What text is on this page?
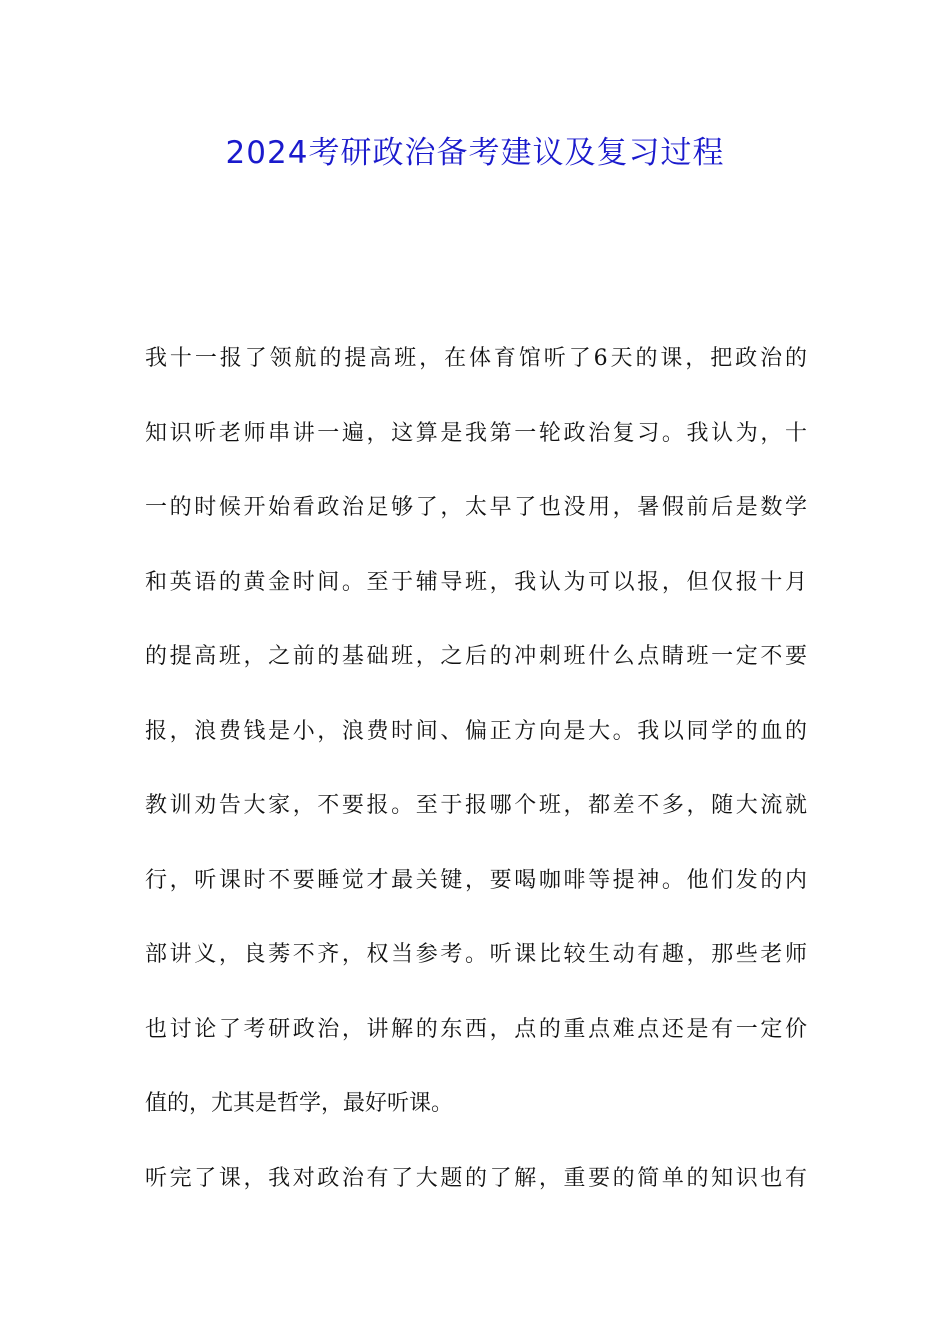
2024考研政治备考建议及复习过程
我十一报了领航的提高班，在体育馆听了6天的课，把政治的
知识听老师串讲一遍，这算是我第一轮政治复习。我认为，十
一的时候开始看政治足够了，太早了也没用，暑假前后是数学
和英语的黄金时间。至于辅导班，我认为可以报，但仅报十月
的提高班，之前的基础班，之后的冲刺班什么点睛班一定不要
报，浪费钱是小，浪费时间、偏正方向是大。我以同学的血的
教训劝告大家，不要报。至于报哪个班，都差不多，随大流就
行，听课时不要睡觉才最关键，要喝咖啡等提神。他们发的内
部讲义，良莠不齐，权当参考。听课比较生动有趣，那些老师
也讨论了考研政治，讲解的东西，点的重点难点还是有一定价
值的，尤其是哲学，最好听课。
听完了课，我对政治有了大题的了解，重要的简单的知识也有
